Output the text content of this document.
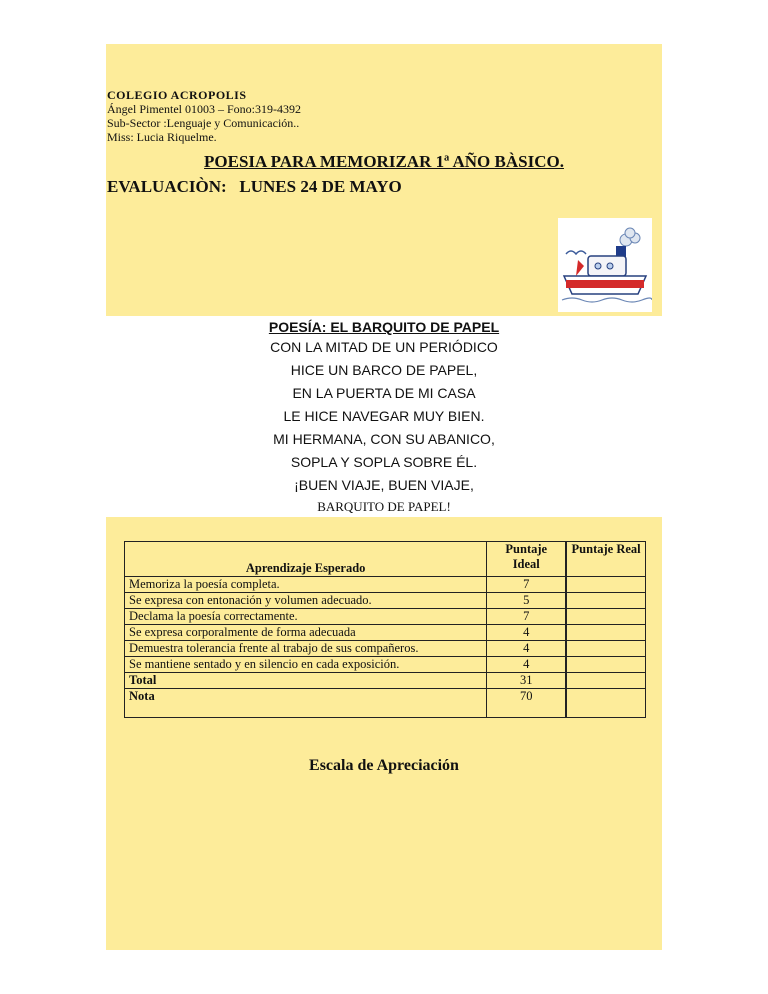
COLEGIO ACROPOLIS
Ángel Pimentel 01003 – Fono:319-4392
Sub-Sector :Lenguaje y Comunicación..
Miss: Lucia Riquelme.
POESIA PARA MEMORIZAR 1ª AÑO BÀSICO.
EVALUACIÒN:   LUNES 24 DE MAYO
POESÍA: EL BARQUITO DE PAPEL
CON LA MITAD DE UN PERIÓDICO
HICE UN BARCO DE PAPEL,
EN LA PUERTA DE MI CASA
LE HICE NAVEGAR MUY BIEN.
MI HERMANA, CON SU ABANICO,
SOPLA Y SOPLA SOBRE ÉL.
¡BUEN VIAJE, BUEN VIAJE,
BARQUITO DE PAPEL!
Aprendizaje Esperado	Puntaje Ideal	Puntaje Real
Memoriza la poesía completa.	7	
Se expresa con entonación y volumen adecuado.	5	
Declama la poesía correctamente.	7	
Se expresa corporalmente de forma adecuada	4	
Demuestra tolerancia frente al trabajo de sus compañeros.	4	
Se mantiene sentado y en silencio en cada exposición.	4	
Total	31	
Nota	70	
Escala de Apreciación
